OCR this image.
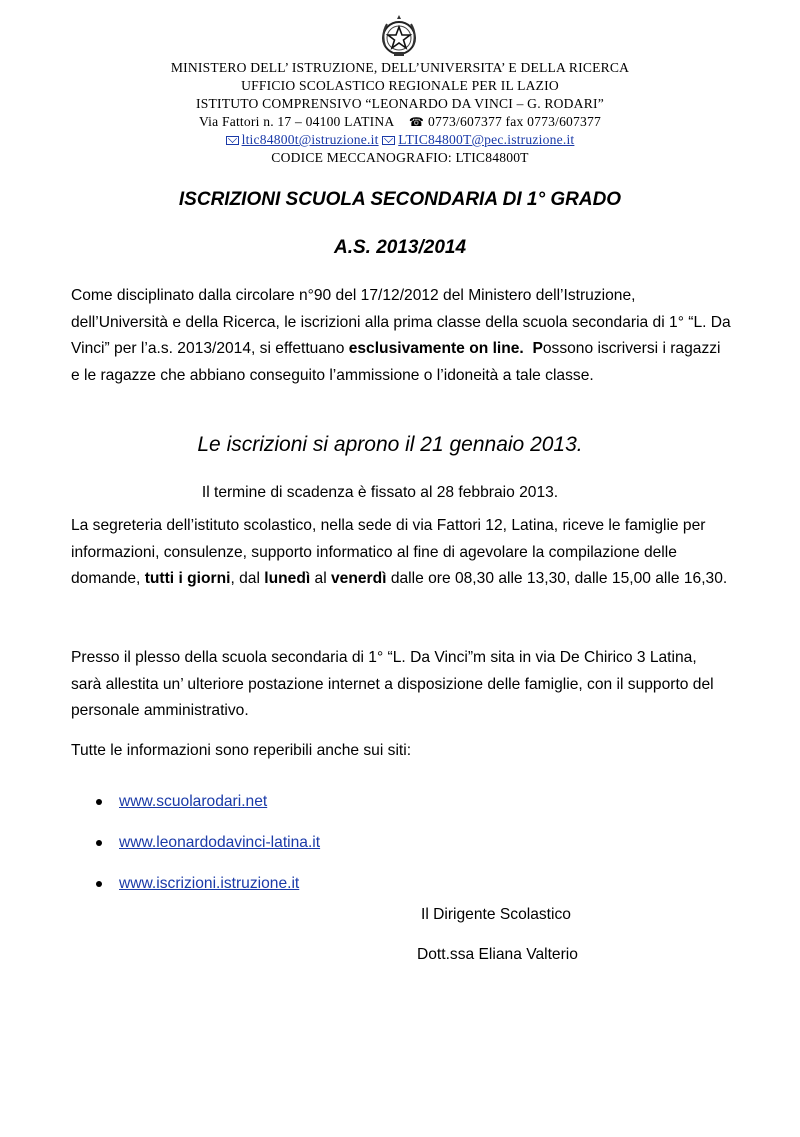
MINISTERO DELL’ ISTRUZIONE, DELL’UNIVERSITA’ E DELLA RICERCA
UFFICIO SCOLASTICO REGIONALE PER IL LAZIO
ISTITUTO COMPRENSIVO “LEONARDO DA VINCI – G. RODARI”
Via Fattori n. 17 – 04100 LATINA ☎ 0773/607377 fax 0773/607377
ltic84800t@istruzione.it LTIC84800T@pec.istruzione.it
CODICE MECCANOGRAFIO: LTIC84800T
ISCRIZIONI SCUOLA SECONDARIA DI 1° GRADO
A.S. 2013/2014
Come disciplinato dalla circolare n°90 del 17/12/2012 del Ministero dell’Istruzione, dell’Università e della Ricerca, le iscrizioni alla prima classe della scuola secondaria di 1° “L. Da Vinci” per l’a.s. 2013/2014, si effettuano esclusivamente on line. Possono iscriversi i ragazzi e le ragazze che abbiano conseguito l’ammissione o l’idoneità a tale classe.
Le iscrizioni si aprono il 21 gennaio 2013.
Il termine di scadenza è fissato al 28 febbraio 2013.
La segreteria dell’istituto scolastico, nella sede di via Fattori 12, Latina, riceve le famiglie per informazioni, consulenze, supporto informatico al fine di agevolare la compilazione delle domande, tutti i giorni, dal lunedì al venerdì dalle ore 08,30 alle 13,30, dalle 15,00 alle 16,30.
Presso il plesso della scuola secondaria di 1° “L. Da Vinci”m sita in via De Chirico 3 Latina, sarà allestita un’ ulteriore postazione internet a disposizione delle famiglie, con il supporto del personale amministrativo.
Tutte le informazioni sono reperibili anche sui siti:
www.scuolarodari.net
www.leonardodavinci-latina.it
www.iscrizioni.istruzione.it
Il Dirigente Scolastico
Dott.ssa Eliana Valterio
